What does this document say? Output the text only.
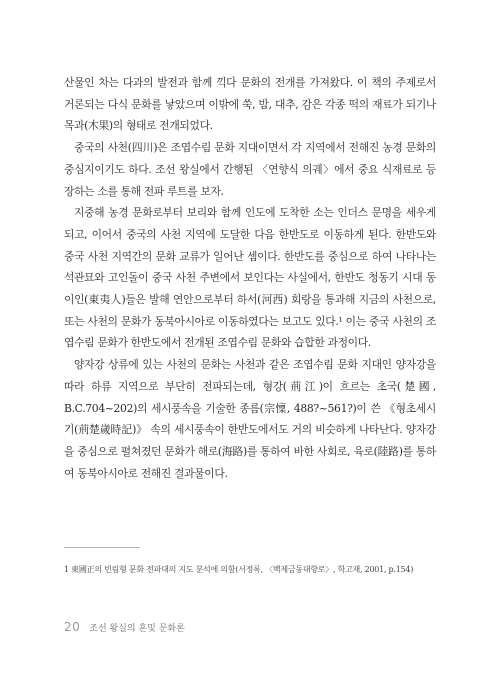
산물인 차는 다과의 발전과 함께 끽다 문화의 전개를 가져왔다. 이 책의 주제로서 거론되는 다식 문화를 낳았으며 이밖에 쑥, 밤, 대추, 감은 각종 떡의 재료가 되기나 목과(木果)의 형태로 전개되었다.

중국의 사천(四川)은 조엽수림 문화 지대이면서 각 지역에서 전해진 농경 문화의 중심지이기도 하다. 조선 왕실에서 간행된 〈연향식 의궤〉에서 중요 식재료로 등장하는 소를 통해 전파 루트를 보자.

지중해 농경 문화로부터 보리와 함께 인도에 도착한 소는 인더스 문명을 세우게 되고, 이어서 중국의 사천 지역에 도달한 다음 한반도로 이동하게 된다. 한반도와 중국 사천 지역간의 문화 교류가 일어난 셈이다. 한반도를 중심으로 하여 나타나는 석관묘와 고인돌이 중국 사천 주변에서 보인다는 사실에서, 한반도 청동기 시대 동이인(東夷人)들은 발해 연안으로부터 하서(河西) 회랑을 통과해 지금의 사천으로, 또는 사천의 문화가 동북아시아로 이동하였다는 보고도 있다.¹ 이는 중국 사천의 조엽수림 문화가 한반도에서 전개된 조엽수림 문화와 습합한 과정이다.

양자강 상류에 있는 사천의 문화는 사천과 같은 조엽수림 문화 지대인 양자강을 따라 하류 지역으로 부단히 전파되는데, 형강(荊江)이 흐르는 초국(楚國, B.C.704~202)의 세시풍속을 기술한 종름(宗懍, 488?~561?)이 쓴 《형초세시기(荊楚歲時記)》 속의 세시풍속이 한반도에서도 거의 비슷하게 나타난다. 양자강을 중심으로 펼쳐졌던 문화가 해로(海路)를 통하여 바한 사회로, 육로(陸路)를 통하여 동북아시아로 전해진 결과물이다.

1 東國正의 빈림형 문화 전파대의 지도 분석에 의함(서정록, 〈백제금동대향로〉, 학고재, 2001, p.154)
20 조선 왕실의 혼및 문화론
